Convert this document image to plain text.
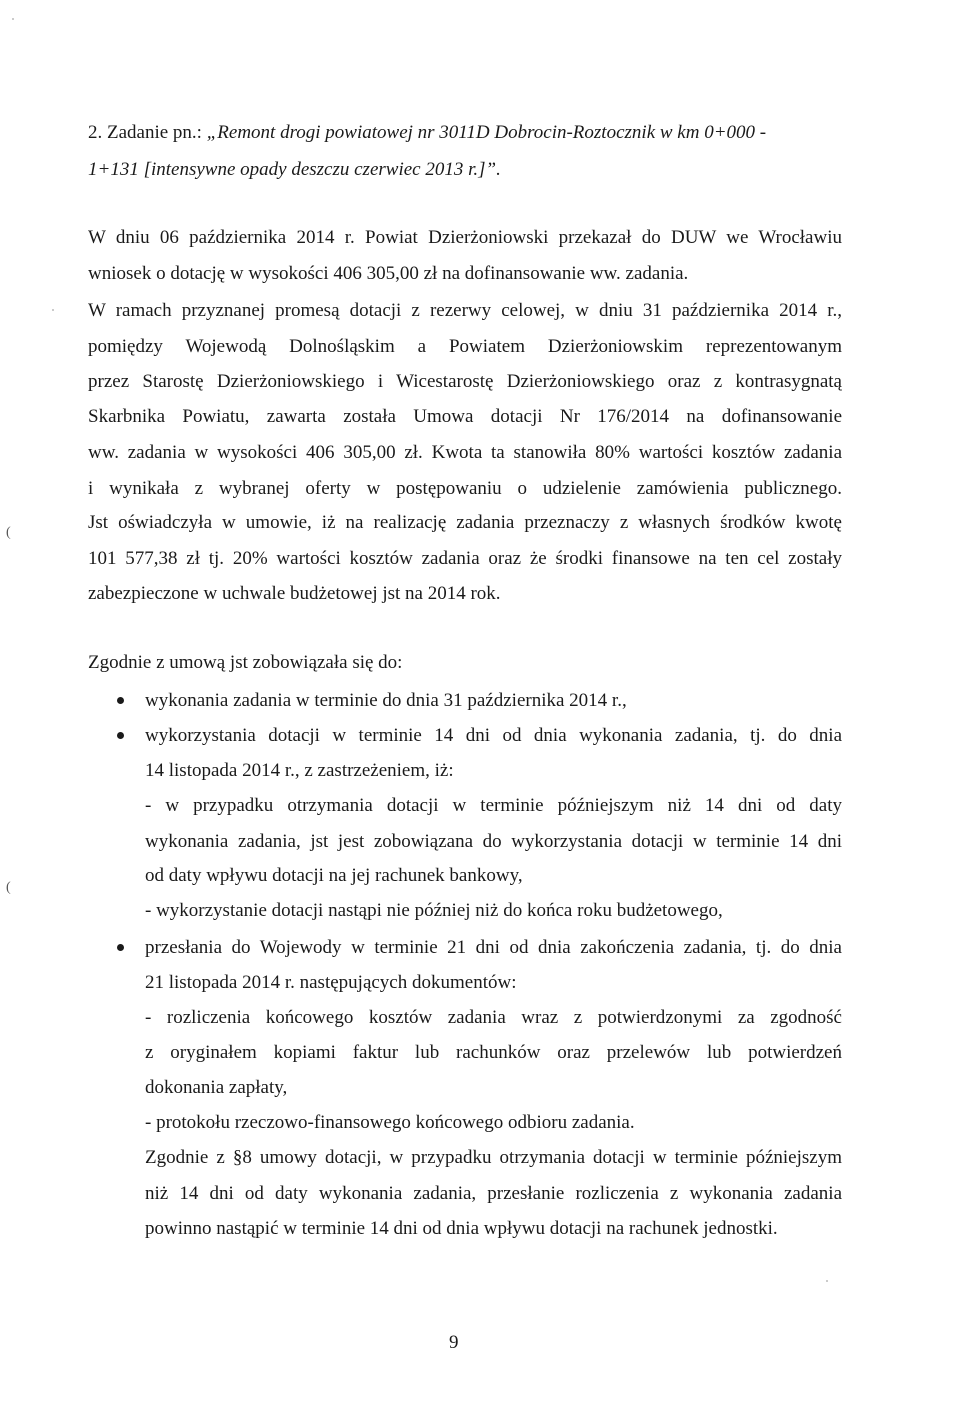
2. Zadanie pn.: „Remont drogi powiatowej nr 3011D Dobrocin-Roztocznik w km 0+000 -
1+131 [intensywne opady deszczu czerwiec 2013 r.]”.
W dniu 06 października 2014 r. Powiat Dzierżoniowski przekazał do DUW we Wrocławiu
wniosek o dotację w wysokości 406 305,00 zł na dofinansowanie ww. zadania.
W ramach przyznanej promesą dotacji z rezerwy celowej, w dniu 31 października 2014 r.,
pomiędzy Wojewodą Dolnośląskim a Powiatem Dzierżoniowskim reprezentowanym
przez Starostę Dzierżoniowskiego i Wicestarostę Dzierżoniowskiego oraz z kontrasygnatą
Skarbnika Powiatu, zawarta została Umowa dotacji Nr 176/2014 na dofinansowanie
ww. zadania w wysokości 406 305,00 zł. Kwota ta stanowiła 80% wartości kosztów zadania
i wynikała z wybranej oferty w postępowaniu o udzielenie zamówienia publicznego.
Jst oświadczyła w umowie, iż na realizację zadania przeznaczy z własnych środków kwotę
101 577,38 zł tj. 20% wartości kosztów zadania oraz że środki finansowe na ten cel zostały
zabezpieczone w uchwale budżetowej jst na 2014 rok.
Zgodnie z umową jst zobowiązała się do:
wykonania zadania w terminie do dnia 31 października 2014 r.,
wykorzystania dotacji w terminie 14 dni od dnia wykonania zadania, tj. do dnia
14 listopada 2014 r., z zastrzeżeniem, iż:
- w przypadku otrzymania dotacji w terminie późniejszym niż 14 dni od daty
wykonania zadania, jst jest zobowiązana do wykorzystania dotacji w terminie 14 dni
od daty wpływu dotacji na jej rachunek bankowy,
- wykorzystanie dotacji nastąpi nie później niż do końca roku budżetowego,
przesłania do Wojewody w terminie 21 dni od dnia zakończenia zadania, tj. do dnia
21 listopada 2014 r. następujących dokumentów:
- rozliczenia końcowego kosztów zadania wraz z potwierdzonymi za zgodność
z oryginałem kopiami faktur lub rachunków oraz przelewów lub potwierdzeń
dokonania zapłaty,
- protokołu rzeczowo-finansowego końcowego odbioru zadania.
Zgodnie z §8 umowy dotacji, w przypadku otrzymania dotacji w terminie późniejszym
niż 14 dni od daty wykonania zadania, przesłanie rozliczenia z wykonania zadania
powinno nastąpić w terminie 14 dni od dnia wpływu dotacji na rachunek jednostki.
9
(
(
